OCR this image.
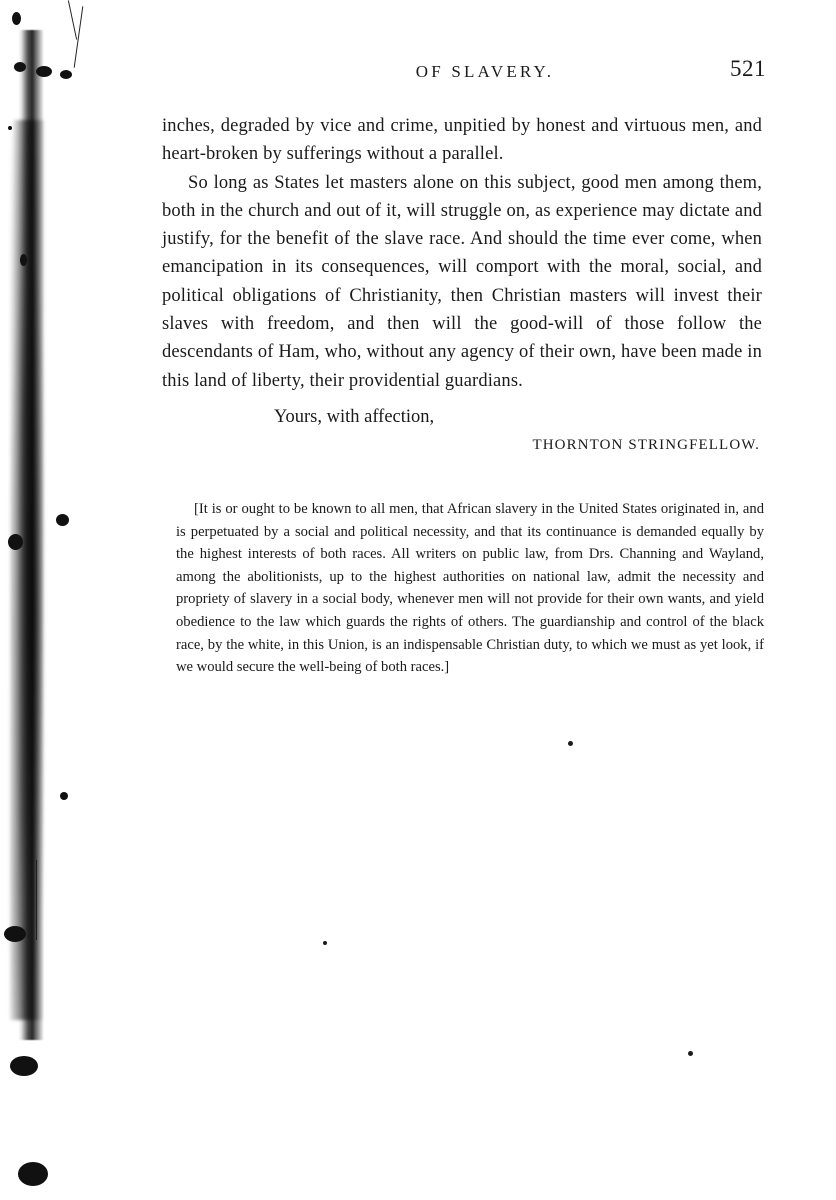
OF SLAVERY.	521

inches, degraded by vice and crime, unpitied by honest and virtuous men, and heart-broken by sufferings without a parallel.

So long as States let masters alone on this subject, good men among them, both in the church and out of it, will struggle on, as experience may dictate and justify, for the benefit of the slave race. And should the time ever come, when emancipation in its consequences, will comport with the moral, social, and political obligations of Christianity, then Christian masters will invest their slaves with freedom, and then will the good-will of those follow the descendants of Ham, who, without any agency of their own, have been made in this land of liberty, their providential guardians.

Yours, with affection,
THORNTON STRINGFELLOW.
[It is or ought to be known to all men, that African slavery in the United States originated in, and is perpetuated by a social and political necessity, and that its continuance is demanded equally by the highest interests of both races. All writers on public law, from Drs. Channing and Wayland, among the abolitionists, up to the highest authorities on national law, admit the necessity and propriety of slavery in a social body, whenever men will not provide for their own wants, and yield obedience to the law which guards the rights of others. The guardianship and control of the black race, by the white, in this Union, is an indispensable Christian duty, to which we must as yet look, if we would secure the well-being of both races.]
